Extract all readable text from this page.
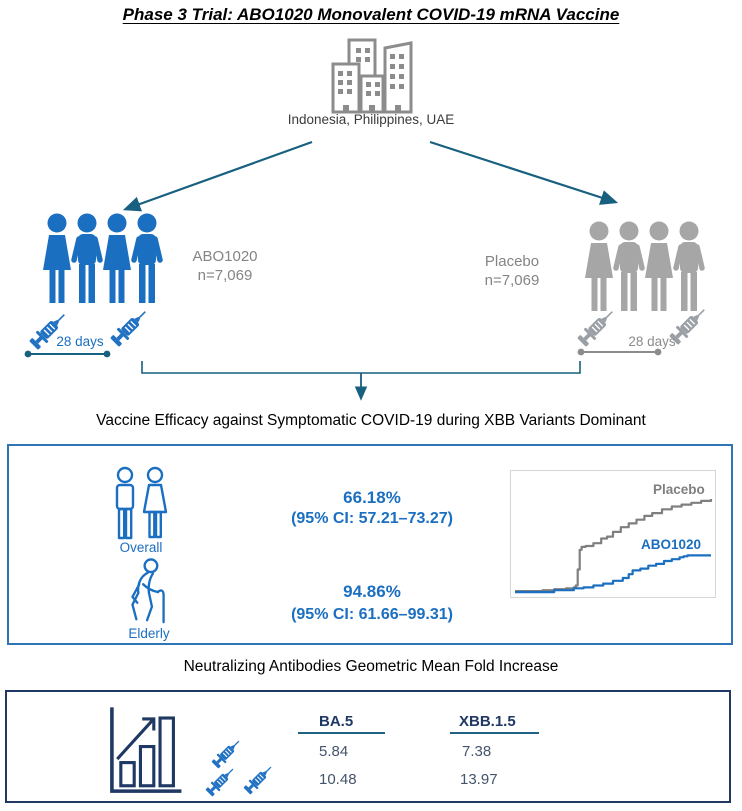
Phase 3 Trial: ABO1020 Monovalent COVID-19 mRNA Vaccine
Indonesia, Philippines, UAE
ABO1020
n=7,069
28 days
Placebo
n=7,069
28 days
Vaccine Efficacy against Symptomatic COVID-19 during XBB Variants Dominant
Overall
Elderly
66.18%
(95% CI: 57.21–73.27)
94.86%
(95% CI: 61.66–99.31)
Placebo
ABO1020
Neutralizing Antibodies Geometric Mean Fold Increase
BA.5	XBB.1.5
5.84	7.38
10.48	13.97
